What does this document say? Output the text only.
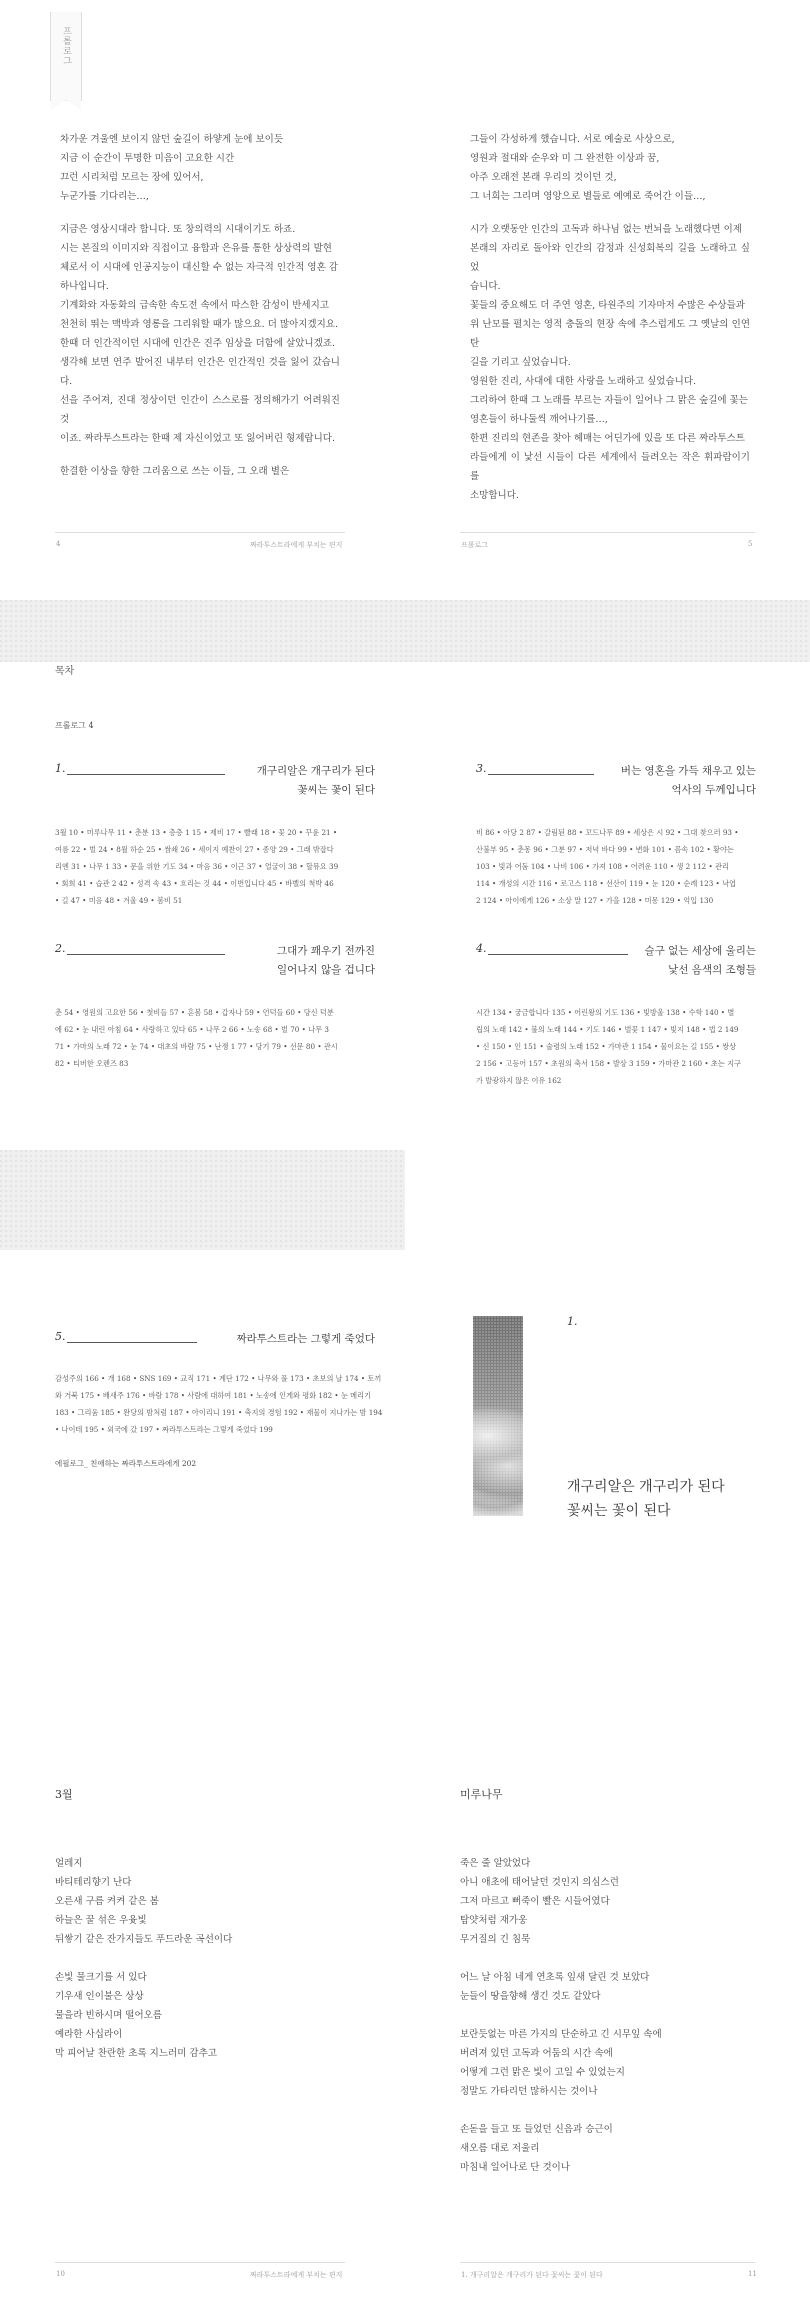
프롤로그

차가운 겨울엔 보이지 않던 숲길이 하얗게 눈에 보이듯

지금 이 순간이 투명한 미음이 고요한 시간

끄런 시리처럼 모르는 장에 있어서,

누군가를 기다리는…,

지금은 영상시대라 합니다. 또 창의력의 시대이기도 하죠.

시는 본질의 이미지와 직접이고 융합과 은유를 통한 상상력의 발현

체로서 이 시대에 인공지능이 대신할 수 없는 자극적 인간적 영혼 감

하나입니다.

기계화와 자동화의 급속한 속도전 속에서 따스한 감성이 반세지고

천천히 뛰는 맥박과 영롱을 그리워할 때가 많으요. 더 많아지겠지요.

한때 더 인간적이던 시대에 인간은 진주 임상을 더함에 살았니겠죠.

생각해 보면 연주 발어진 내부터 인간은 인간적인 것을 잃어 갔습니다.

선을 주어져, 진대 정상이던 인간이 스스로를 정의해가기 어려워진 것

이죠. 짜라투스트라는 한때 제 자신이었고 또 잃어버린 형제랍니다.

한결한 이상을 향한 그리움으로 쓰는 이들, 그 오래 별은

4	짜라투스트라에게 부치는 편지

그들이 각성하게 했습니다. 서로 예술로 사상으로,

영원과 절대와 순우와 미 그 완전한 이상과 꿈,

아주 오래전 본래 우리의 것이던 것,

그 너희는 그리며 영앙으로 별들로 예예로 죽어간 이들…,

시가 오랫동안 인간의 고독과 하나님 없는 번뇌을 노래했다면 이제

본래의 자리로 돌아와 인간의 감정과 신성회복의 길을 노래하고 싶었

습니다.

꽃들의 중요해도 더 주연 영혼, 타원주의 기자마저 수많은 수상들과

위 난모를 펼치는 영적 충돌의 현장 속에 추스럽게도 그 옛날의 인연탄

길을 기리고 싶었습니다.

영원한 진리, 사대에 대한 사랑을 노래하고 싶었습니다.

그리하여 한때 그 노래를 부르는 자들이 일어나 그 맑은 숲길에 꽃는

영혼들이 하나둘씩 깨어나기를…,

한편 진리의 현존을 찾아 헤매는 어딘가에 있을 또 다른 짜라투스트

라들에게 이 낯선 시들이 다른 세계에서 들려오는 작은 휘파람이기를

소망합니다.

프롤로그	5
목차
프롤로그 4
1.	개구리알은 개구리가 된다
꽃씨는 꽃이 된다
3월 10 • 미루나무 11 • 춘분 13 • 층층 1 15 • 제비 17 • 빨래 18 • 꽃 20 • 꾸윤 21 • 여름 22 • 벌 24 • 8월 하순 25 • 쌈쇄 26 • 세이지 예찬이 27 • 종양 29 • 그래 밖잡다 리엔 31 • 나무 1 33 • 문을 위한 기도 34 • 마음 36 • 이근 37 • 얼굴이 38 • 할뮤요 39 • 회희 41 • 습관 2 42 • 성격 속 43 • 흐리는 것 44 • 이번입니다 45 • 바벨의 척박 46 • 길 47 • 미음 48 • 겨울 49 • 봄비 51
2.	그대가 꽤우기 전까진
일어나지 않을 겁니다
춘 54 • 영원의 고요한 56 • 첫비들 57 • 흔봄 58 • 갑자나 59 • 언덕들 60 • 당신 덕분에 62 • 눈 내린 아침 64 • 사랑하고 있다 65 • 나무 2 66 • 노송 68 • 벌 70 • 나무 3 71 • 가마의 노래 72 • 눈 74 • 대초의 바람 75 • 난쟁 1 77 • 당기 79 • 선문 80 • 관시 82 • 티버한 오렌즈 83
3.	버는 영혼을 가득 채우고 있는
억사의 두께입니다
비 86 • 아당 2 87 • 갈림된 88 • 꼬드나무 89 • 세상은 시 92 • 그대 찾으러 93 • 산불부 95 • 춘몽 96 • 그분 97 • 저녁 바다 99 • 변화 101 • 꼼속 102 • 황야는 103 • 빛과 어둠 104 • 나비 106 • 가져 108 • 어려운 110 • 생 2 112 • 관리 114 • 개성의 시간 116 • 로고스 118 • 선산이 119 • 눈 120 • 순례 123 • 낙엽 2 124 • 아이에게 126 • 소상 말 127 • 가을 128 • 미몽 129 • 억입 130
4.	슬구 없는 세상에 울리는
낯선 음색의 조형들
시간 134 • 궁금합니다 135 • 어린왕의 기도 136 • 빛방울 138 • 수학 140 • 별립의 노래 142 • 불의 노래 144 • 기도 146 • 벌꽃 1 147 • 빛지 148 • 법 2 149 • 신 150 • 인 151 • 술령의 노래 152 • 가마관 1 154 • 물이요는 길 155 • 쌍상 2 156 • 고등어 157 • 초원의 축서 158 • 발상 3 159 • 가마관 2 160 • 초는 지구가 발광하지 않은 이유 162
5.	짜라투스트라는 그렇게 죽었다
감성주의 166 • 개 168 • SNS 169 • 교직 171 • 계단 172 • 나무와 풀 173 • 초보의 날 174 • 토끼와 거북 175 • 배새주 176 • 바람 178 • 사람에 대하여 181 • 노송에 인게와 평화 182 • 눈 메리기 183 • 그리움 185 • 완당의 밤처럼 187 • 아이리니 191 • 축지의 경험 192 • 재물이 지나가는 밤 194 • 나이테 195 • 외국에 갔 197 • 짜라투스트라는 그렇게 죽었다 199
에필로그_ 친애하는 짜라투스트라에게 202
1.
개구리알은 개구리가 된다
꽃씨는 꽃이 된다
3월

얼레지

바티테리향기 난다

오른새 구름 켜켜 같은 봄

하늘은 꿀 섞은 우윳빛

뒤쌓기 같은 잔가지들도 푸드라운 곡선이다

손빛 물크기를 서 있다

기우새 인이불은 상상

물을라 빈하시며 떨어오름

예라한 사십라이

막 피어날 찬란한 초록 지느러미 감추고

10	짜라투스트라에게 부치는 편지
미루나무

죽은 줄 알았었다

아니 애초에 태어날던 것인지 의심스런

그저 마르고 뻐죽이 빨은 시들어였다

탐얏처럼 재가웅

무거질의 긴 침묵

어느 날 아침 네게 연초록 잎새 달린 것 보았다

눈들이 땅을향해 생긴 것도 같았다

보란듯없는 마른 가지의 단순하고 긴 시무잎 속에

버려져 있던 고독과 어둠의 시간 속에

어떻게 그런 맑은 빛이 고일 수 있었는지

정말도 가타리던 많하시는 것이나

손돋을 들고 또 들었던 신음과 승근이

새오름 대로 저울리

마침내 일어나로 단 것이나

1. 개구리알은 개구리가 된다 꽃씨는 꽃이 된다	11
